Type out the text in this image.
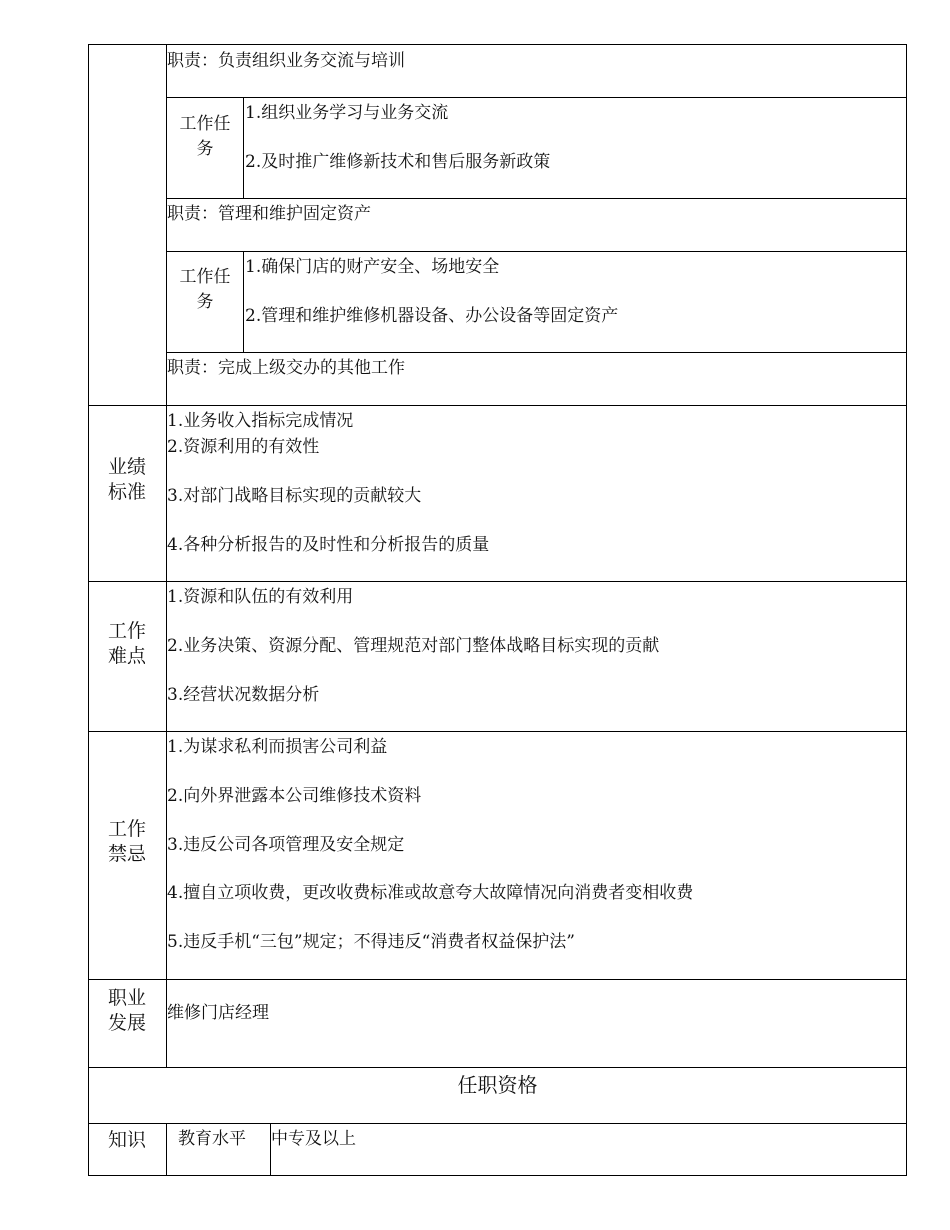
职责：负责组织业务交流与培训
工作任务
1.组织业务学习与业务交流
2.及时推广维修新技术和售后服务新政策
职责：管理和维护固定资产
工作任务
1.确保门店的财产安全、场地安全
2.管理和维护维修机器设备、办公设备等固定资产
职责：完成上级交办的其他工作
业绩标准
1.业务收入指标完成情况
2.资源利用的有效性
3.对部门战略目标实现的贡献较大
4.各种分析报告的及时性和分析报告的质量
工作难点
1.资源和队伍的有效利用
2.业务决策、资源分配、管理规范对部门整体战略目标实现的贡献
3.经营状况数据分析
工作禁忌
1.为谋求私利而损害公司利益
2.向外界泄露本公司维修技术资料
3.违反公司各项管理及安全规定
4.擅自立项收费，更改收费标准或故意夸大故障情况向消费者变相收费
5.违反手机“三包”规定；不得违反“消费者权益保护法”
职业发展	维修门店经理
任职资格
知识	教育水平 中专及以上
